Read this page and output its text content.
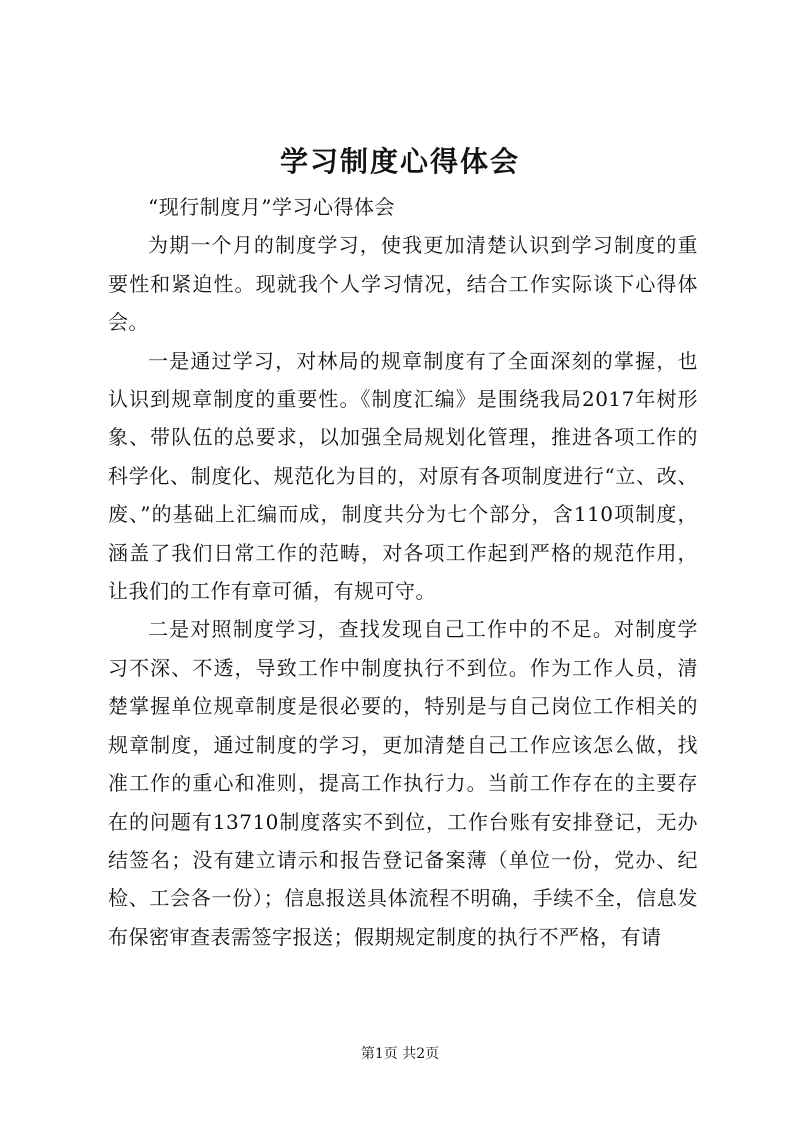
学习制度心得体会

“现行制度月”学习心得体会

为期一个月的制度学习，使我更加清楚认识到学习制度的重要性和紧迫性。现就我个人学习情况，结合工作实际谈下心得体会。

一是通过学习，对林局的规章制度有了全面深刻的掌握，也认识到规章制度的重要性。《制度汇编》是围绕我局2017年树形象、带队伍的总要求，以加强全局规划化管理，推进各项工作的科学化、制度化、规范化为目的，对原有各项制度进行“立、改、废、”的基础上汇编而成，制度共分为七个部分，含110项制度，涵盖了我们日常工作的范畴，对各项工作起到严格的规范作用，让我们的工作有章可循，有规可守。

二是对照制度学习，查找发现自己工作中的不足。对制度学习不深、不透，导致工作中制度执行不到位。作为工作人员，清楚掌握单位规章制度是很必要的，特别是与自己岗位工作相关的规章制度，通过制度的学习，更加清楚自己工作应该怎么做，找准工作的重心和准则，提高工作执行力。当前工作存在的主要存在的问题有13710制度落实不到位，工作台账有安排登记，无办结签名；没有建立请示和报告登记备案薄（单位一份，党办、纪检、工会各一份）；信息报送具体流程不明确，手续不全，信息发布保密审查表需签字报送；假期规定制度的执行不严格，有请

第1页 共2页
